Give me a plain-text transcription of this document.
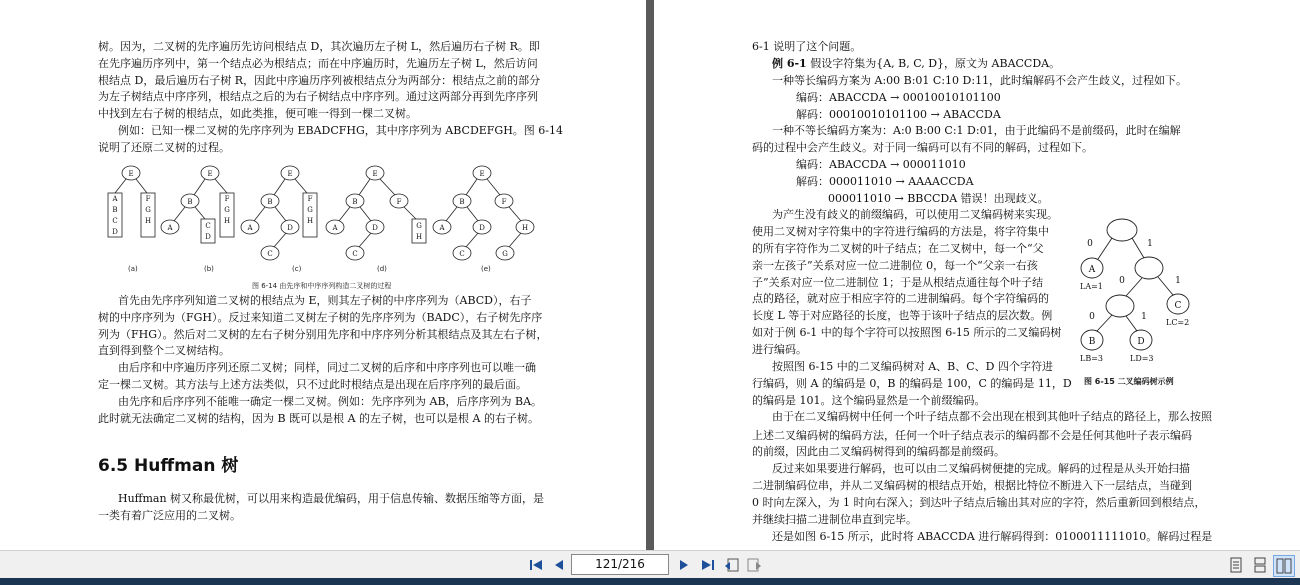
树。因为，二叉树的先序遍历先访问根结点 D，其次遍历左子树 L，然后遍历右子树 R。即
在先序遍历序列中，第一个结点必为根结点；而在中序遍历时，先遍历左子树 L，然后访问
根结点 D，最后遍历右子树 R，因此中序遍历序列被根结点分为两部分：根结点之前的部分
为左子树结点中序序列，根结点之后的为右子树结点中序序列。通过这两部分再到先序序列
中找到左右子树的根结点，如此类推，便可唯一得到一棵二叉树。
例如：已知一棵二叉树的先序序列为 EBADCFHG，其中序序列为 ABCDEFGH。图 6-14
说明了还原二叉树的过程。
E
A
B
C
D
F
G
H
E
B
A	C
D
F
G
H
E
B
A	D
C
F
G
H
E
B	F
A	D
C
G
H
E
B	F
A	D	H
C	G
(a)	(b)	(c)	(d)	(e)
图 6-14 由先序和中序序列构造二叉树的过程
首先由先序序列知道二叉树的根结点为 E，则其左子树的中序序列为（ABCD），右子
树的中序序列为（FGH）。反过来知道二叉树左子树的先序序列为（BADC），右子树先序序
列为（FHG）。然后对二叉树的左右子树分别用先序和中序序列分析其根结点及其左右子树，
直到得到整个二叉树结构。
由后序和中序遍历序列还原二叉树；同样，同过二叉树的后序和中序序列也可以唯一确
定一棵二叉树。其方法与上述方法类似，只不过此时根结点是出现在后序序列的最后面。
由先序和后序序列不能唯一确定一棵二叉树。例如：先序序列为 AB，后序序列为 BA。
此时就无法确定二叉树的结构，因为 B 既可以是根 A 的左子树，也可以是根 A 的右子树。
6.5 Huffman 树
Huffman 树又称最优树，可以用来构造最优编码，用于信息传输、数据压缩等方面，是
一类有着广泛应用的二叉树。
6-1 说明了这个问题。
例 6-1 假设字符集为{A, B, C, D}，原文为 ABACCDA。
一种等长编码方案为 A:00 B:01 C:10 D:11，此时编解码不会产生歧义，过程如下。
编码：ABACCDA → 00010010101100
解码：00010010101100 → ABACCDA
一种不等长编码方案为：A:0 B:00 C:1 D:01，由于此编码不是前缀码，此时在编解
码的过程中会产生歧义。对于同一编码可以有不同的解码，过程如下。
编码：ABACCDA → 000011010
解码：000011010 → AAAACCDA
000011010 → BBCCDA 错误！出现歧义。
为产生没有歧义的前缀编码，可以使用二叉编码树来实现。
使用二叉树对字符集中的字符进行编码的方法是，将字符集中
的所有字符作为二叉树的叶子结点；在二叉树中，每一个“父
亲一左孩子”关系对应一位二进制位 0，每一个“父亲一右孩
子”关系对应一位二进制位 1；于是从根结点通往每个叶子结
点的路径，就对应于相应字符的二进制编码。每个字符编码的
长度 L 等于对应路径的长度，也等于该叶子结点的层次数。例
如对于例 6-1 中的每个字符可以按照图 6-15 所示的二叉编码树
进行编码。
按照图 6-15 中的二叉编码树对 A、B、C、D 四个字符进
行编码，则 A 的编码是 0，B 的编码是 100，C 的编码是 11，D
的编码是 101。这个编码显然是一个前缀编码。
由于在二叉编码树中任何一个叶子结点都不会出现在根到其他叶子结点的路径上，那么按照
上述二叉编码树的编码方法，任何一个叶子结点表示的编码都不会是任何其他叶子表示编码
的前缀，因此由二叉编码树得到的编码都是前缀码。
反过来如果要进行解码，也可以由二叉编码树便捷的完成。解码的过程是从头开始扫描
二进制编码位串，并从二叉编码树的根结点开始，根据比特位不断进入下一层结点，当碰到
0 时向左深入，为 1 时向右深入；到达叶子结点后输出其对应的字符，然后重新回到根结点，
并继续扫描二进制位串直到完毕。
还是如图 6-15 所示，此时将 ABACCDA 进行解码得到：0100011111010。解码过程是
0	1
0	1
0	1
A
C
B	D
LA=1
LC=2
LB=3	LD=3
图 6-15 二叉编码树示例
121/216
